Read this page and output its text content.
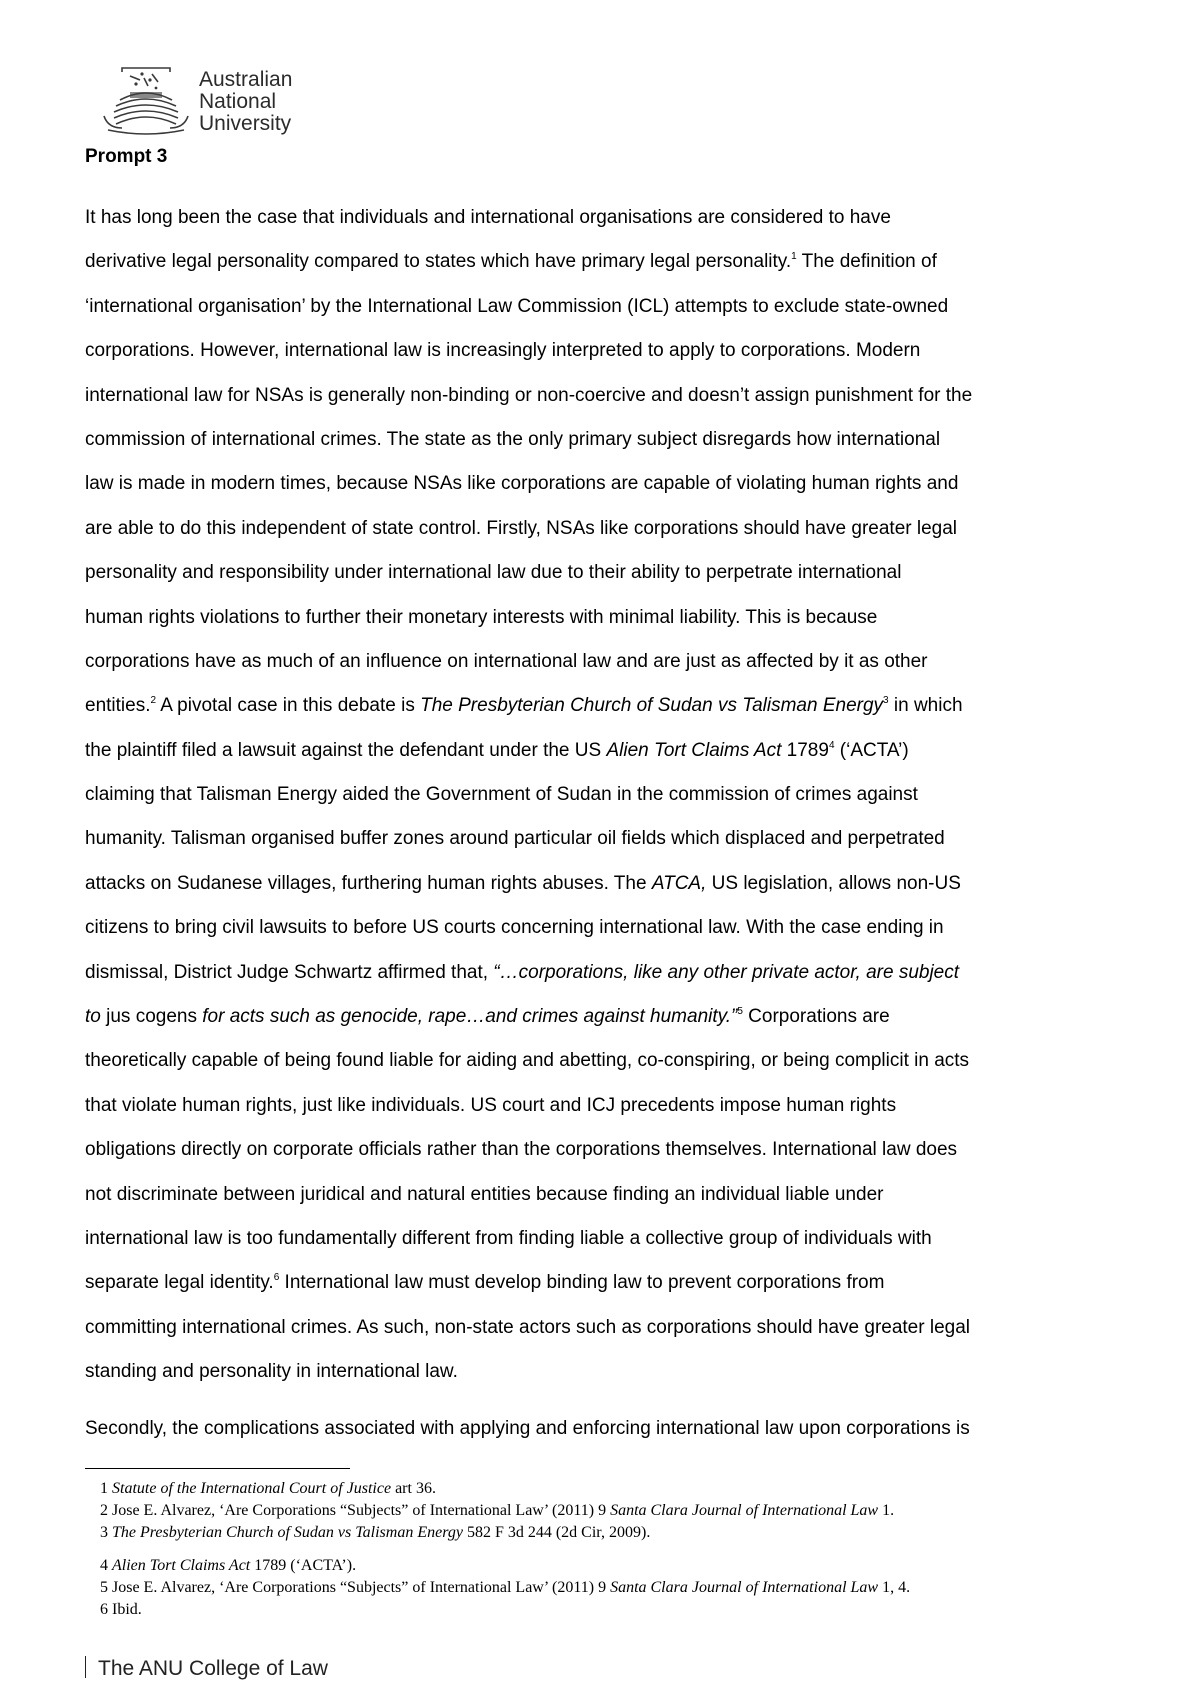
Australian
National
University
Prompt 3
It has long been the case that individuals and international organisations are considered to have
derivative legal personality compared to states which have primary legal personality.$^1$ The definition of
‘international organisation’ by the International Law Commission (ICL) attempts to exclude state-owned
corporations. However, international law is increasingly interpreted to apply to corporations. Modern
international law for NSAs is generally non-binding or non-coercive and doesn’t assign punishment for the
commission of international crimes. The state as the only primary subject disregards how international
law is made in modern times, because NSAs like corporations are capable of violating human rights and
are able to do this independent of state control. Firstly, NSAs like corporations should have greater legal
personality and responsibility under international law due to their ability to perpetrate international
human rights violations to further their monetary interests with minimal liability. This is because
corporations have as much of an influence on international law and are just as affected by it as other
entities.$^2$ A pivotal case in this debate is The Presbyterian Church of Sudan vs Talisman Energy$^3$ in which
the plaintiff filed a lawsuit against the defendant under the US Alien Tort Claims Act 1789$^4$ (‘ACTA’)
claiming that Talisman Energy aided the Government of Sudan in the commission of crimes against
humanity. Talisman organised buffer zones around particular oil fields which displaced and perpetrated
attacks on Sudanese villages, furthering human rights abuses. The ATCA, US legislation, allows non-US
citizens to bring civil lawsuits to before US courts concerning international law. With the case ending in
dismissal, District Judge Schwartz affirmed that, “…corporations, like any other private actor, are subject
to jus cogens for acts such as genocide, rape…and crimes against humanity.”$^5$ Corporations are
theoretically capable of being found liable for aiding and abetting, co-conspiring, or being complicit in acts
that violate human rights, just like individuals. US court and ICJ precedents impose human rights
obligations directly on corporate officials rather than the corporations themselves. International law does
not discriminate between juridical and natural entities because finding an individual liable under
international law is too fundamentally different from finding liable a collective group of individuals with
separate legal identity.$^6$ International law must develop binding law to prevent corporations from
committing international crimes. As such, non-state actors such as corporations should have greater legal
standing and personality in international law.
Secondly, the complications associated with applying and enforcing international law upon corporations is
1 Statute of the International Court of Justice art 36.
2 Jose E. Alvarez, ‘Are Corporations “Subjects” of International Law’ (2011) 9 Santa Clara Journal of International Law 1.
3 The Presbyterian Church of Sudan vs Talisman Energy 582 F 3d 244 (2d Cir, 2009).
4 Alien Tort Claims Act 1789 (‘ACTA’).
5 Jose E. Alvarez, ‘Are Corporations “Subjects” of International Law’ (2011) 9 Santa Clara Journal of International Law 1, 4.
6 Ibid.
The ANU College of Law
